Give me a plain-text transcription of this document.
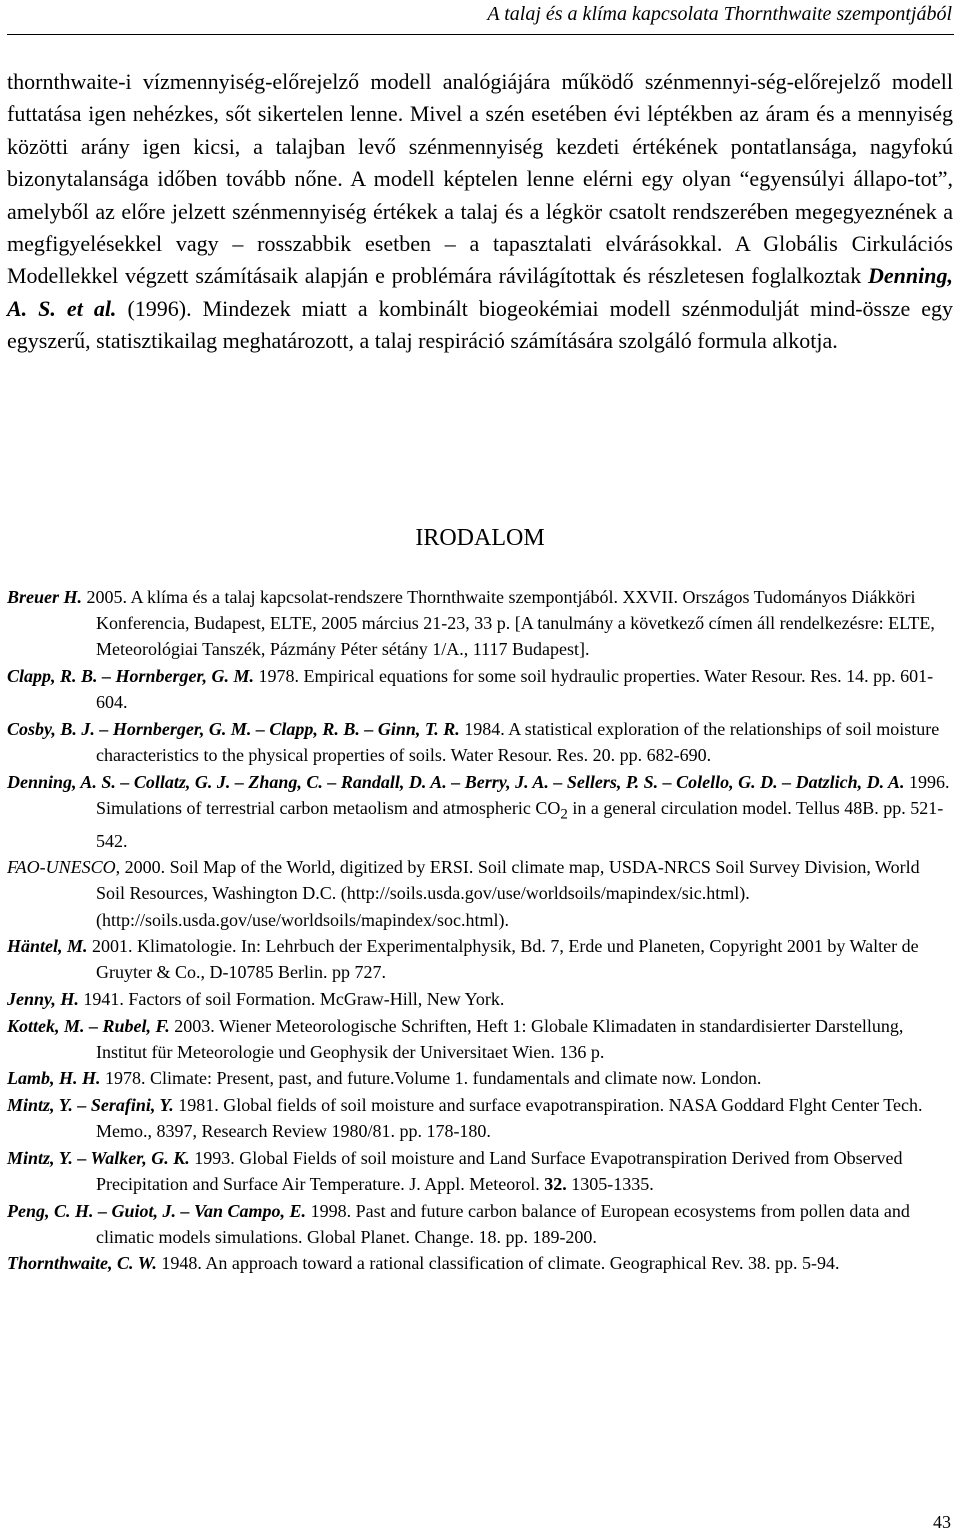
A talaj és a klíma kapcsolata Thornthwaite szempontjából

thornthwaite-i vízmennyiség-előrejelző modell analógiájára működő szénmennyi-ség-előrejelző modell futtatása igen nehézkes, sőt sikertelen lenne. Mivel a szén esetében évi léptékben az áram és a mennyiség közötti arány igen kicsi, a talajban levő szénmennyiség kezdeti értékének pontatlansága, nagyfokú bizonytalansága időben tovább nőne. A modell képtelen lenne elérni egy olyan “egyensúlyi állapo-tot”, amelyből az előre jelzett szénmennyiség értékek a talaj és a légkör csatolt rendszerében megegyeznének a megfigyelésekkel vagy – rosszabbik esetben – a tapasztalati elvárásokkal. A Globális Cirkulációs Modellekkel végzett számításaik alapján e problémára rávilágítottak és részletesen foglalkoztak Denning, A. S. et al. (1996). Mindezek miatt a kombinált biogeokémiai modell szénmodulját mind-össze egy egyszerű, statisztikailag meghatározott, a talaj respiráció számítására szolgáló formula alkotja.

IRODALOM

Breuer H. 2005. A klíma és a talaj kapcsolat-rendszere Thornthwaite szempontjából. XXVII. Országos Tudományos Diákköri Konferencia, Budapest, ELTE, 2005 március 21-23, 33 p. [A tanulmány a következő címen áll rendelkezésre: ELTE, Meteorológiai Tanszék, Pázmány Péter sétány 1/A., 1117 Budapest].

Clapp, R. B. – Hornberger, G. M. 1978. Empirical equations for some soil hydraulic properties. Water Resour. Res. 14. pp. 601-604.

Cosby, B. J. – Hornberger, G. M. – Clapp, R. B. – Ginn, T. R. 1984. A statistical exploration of the relationships of soil moisture characteristics to the physical properties of soils. Water Resour. Res. 20. pp. 682-690.

Denning, A. S. – Collatz, G. J. – Zhang, C. – Randall, D. A. – Berry, J. A. – Sellers, P. S. – Colello, G. D. – Datzlich, D. A. 1996. Simulations of terrestrial carbon metaolism and atmospheric $CO_2$ in a general circulation model. Tellus 48B. pp. 521-542.

FAO-UNESCO, 2000. Soil Map of the World, digitized by ERSI. Soil climate map, USDA-NRCS Soil Survey Division, World Soil Resources, Washington D.C. (http://soils.usda.gov/use/worldsoils/mapindex/sic.html). (http://soils.usda.gov/use/worldsoils/mapindex/soc.html).

Häntel, M. 2001. Klimatologie. In: Lehrbuch der Experimentalphysik, Bd. 7, Erde und Planeten, Copyright 2001 by Walter de Gruyter & Co., D-10785 Berlin. pp 727.

Jenny, H. 1941. Factors of soil Formation. McGraw-Hill, New York.

Kottek, M. – Rubel, F. 2003. Wiener Meteorologische Schriften, Heft 1: Globale Klimadaten in standardisierter Darstellung, Institut für Meteorologie und Geophysik der Universitaet Wien. 136 p.

Lamb, H. H. 1978. Climate: Present, past, and future.Volume 1. fundamentals and climate now. London.

Mintz, Y. – Serafini, Y. 1981. Global fields of soil moisture and surface evapotranspiration. NASA Goddard Flght Center Tech. Memo., 8397, Research Review 1980/81. pp. 178-180.

Mintz, Y. – Walker, G. K. 1993. Global Fields of soil moisture and Land Surface Evapotranspiration Derived from Observed Precipitation and Surface Air Temperature. J. Appl. Meteorol. 32. 1305-1335.

Peng, C. H. – Guiot, J. – Van Campo, E. 1998. Past and future carbon balance of European ecosystems from pollen data and climatic models simulations. Global Planet. Change. 18. pp. 189-200.

Thornthwaite, C. W. 1948. An approach toward a rational classification of climate. Geographical Rev. 38. pp. 5-94.

43
